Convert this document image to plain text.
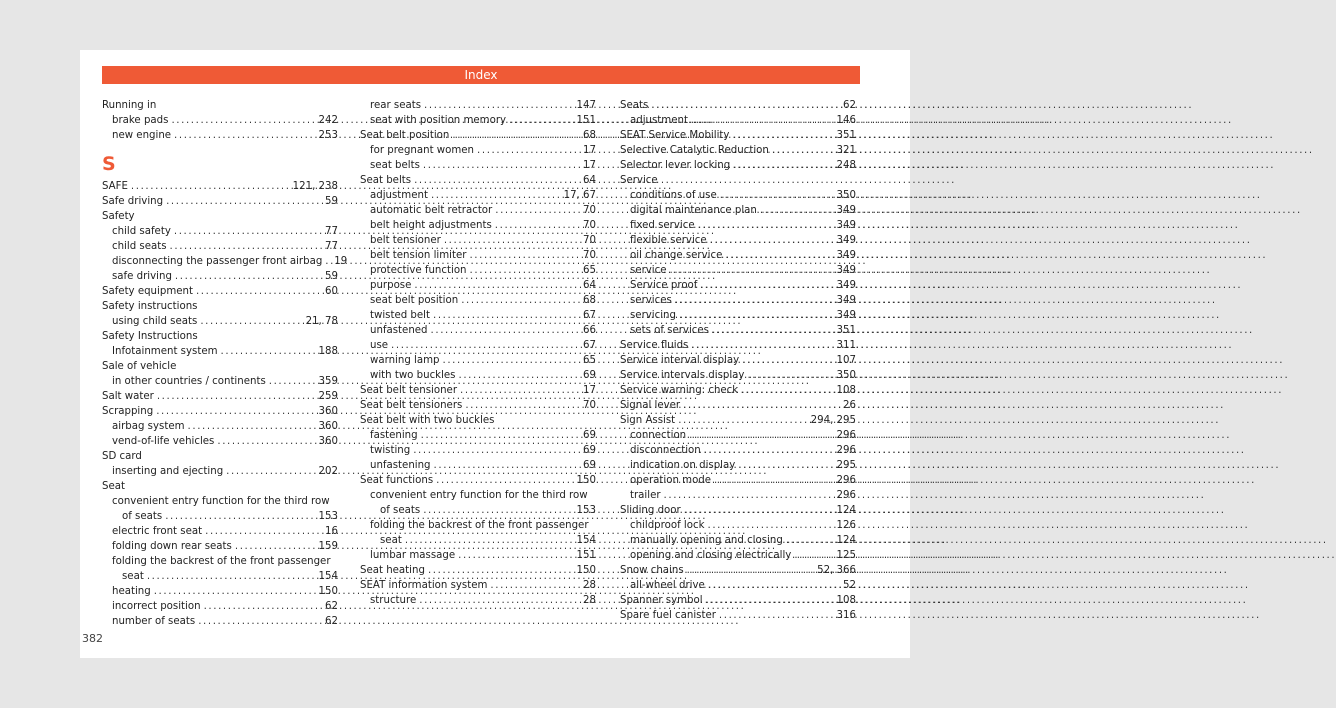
Index
Running in
brake pads .....	242
new engine .....	253
S
SAFE .....	121, 238
Safe driving .....	59
Safety
child safety .....	77
child seats .....	77
disconnecting the passenger front airbag ..... 19
safe driving .....	59
Safety equipment .....	60
Safety instructions
using child seats .....	21, 78
Safety Instructions
Infotainment system .....	188
Sale of vehicle
in other countries / continents .....	359
Salt water .....	259
Scrapping .....	360
airbag system .....	360
vend-of-life vehicles .....	360
SD card
inserting and ejecting .....	202
Seat
convenient entry function for the third row
of seats .....	153
electric front seat .....	16
folding down rear seats .....	159
folding the backrest of the front passenger
seat .....	154
heating .....	150
incorrect position .....	62
number of seats .....	62
rear seats .....	147
seat with position memory .....	151
Seat belt position .....	68
for pregnant women .....	17
seat belts .....	17
Seat belts .....	64
adjustment .....	17, 67
automatic belt retractor .....	70
belt height adjustments .....	70
belt tensioner .....	70
belt tension limiter .....	70
protective function .....	65
purpose .....	64
seat belt position .....	68
twisted belt .....	67
unfastened .....	66
use .....	67
warning lamp .....	65
with two buckles .....	69
Seat belt tensioner .....	17
Seat belt tensioners .....	70
Seat belt with two buckles
fastening .....	69
twisting .....	69
unfastening .....	69
Seat functions .....	150
convenient entry function for the third row
of seats .....	153
folding the backrest of the front passenger
seat .....	154
lumbar massage .....	151
Seat heating .....	150
SEAT information system .....	28
structure .....	28
Seats .....	62
adjustment .....	146
SEAT Service Mobility .....	351
Selective Catalytic Reduction .....	321
Selector lever locking .....	248
Service
conditions of use .....	350
digital maintenance plan .....	349
fixed service .....	349
flexible service .....	349
oil change service .....	349
service .....	349
Service proof .....	349
services .....	349
servicing .....	349
sets of services .....	351
Service fluids .....	311
Service interval display .....	107
Service intervals display .....	350
Service warning: check .....	108
Signal lever .....	26
Sign Assist .....	294, 295
connection .....	296
disconnection .....	296
indication on display .....	295
operation mode .....	296
trailer .....	296
Sliding door .....	124
childproof lock .....	126
manually opening and closing .....	124
opening and closing electrically .....	125
Snow chains .....	52, 366
all-wheel drive .....	52
Spanner symbol .....	108
Spare fuel canister .....	316
382
